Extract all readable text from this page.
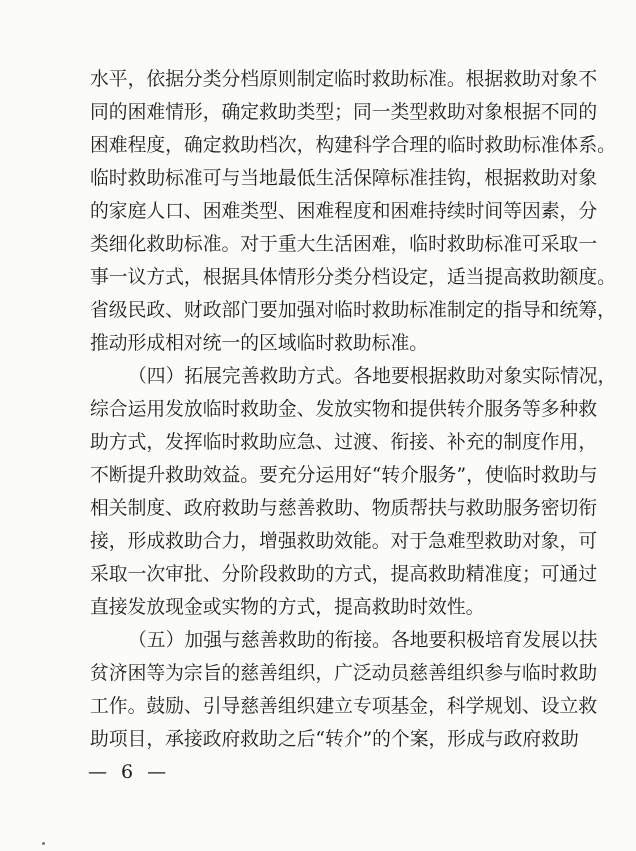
水 平 ， 依 据 分 类 分 档 原 则 制 定 临 时 救 助 标 准 。 根 据 救 助 对 象 不
同 的 困 难 情 形 ， 确 定 救 助 类 型 ； 同 一 类 型 救 助 对 象 根 据 不 同 的
困 难 程 度 ， 确 定 救 助 档 次 ， 构 建 科 学 合 理 的 临 时 救 助 标 准 体 系 。
临 时 救 助 标 准 可 与 当 地 最 低 生 活 保 障 标 准 挂 钩 ， 根 据 救 助 对 象
的 家 庭 人 口 、 困 难 类 型 、 困 难 程 度 和 困 难 持 续 时 间 等 因 素 ， 分
类 细 化 救 助 标 准 。 对 于 重 大 生 活 困 难 ， 临 时 救 助 标 准 可 采 取 一
事 一 议 方 式 ， 根 据 具 体 情 形 分 类 分 档 设 定 ， 适 当 提 高 救 助 额 度 。
省 级 民 政 、 财 政 部 门 要 加 强 对 临 时 救 助 标 准 制 定 的 指 导 和 统 筹 ，
推动形成相对统一的区域临时救助标准。
（ 四 ） 拓 展 完 善 救 助 方 式 。 各 地 要 根 据 救 助 对 象 实 际 情 况 ，
综 合 运 用 发 放 临 时 救 助 金 、 发 放 实 物 和 提 供 转 介 服 务 等 多 种 救
助 方 式 ， 发 挥 临 时 救 助 应 急 、 过 渡 、 衔 接 、 补 充 的 制 度 作 用 ，
不 断 提 升 救 助 效 益 。 要 充 分 运 用 好 “ 转 介 服 务 ” ， 使 临 时 救 助 与
相 关 制 度 、 政 府 救 助 与 慈 善 救 助 、 物 质 帮 扶 与 救 助 服 务 密 切 衔
接 ， 形 成 救 助 合 力 ， 增 强 救 助 效 能 。 对 于 急 难 型 救 助 对 象 ， 可
采 取 一 次 审 批 、 分 阶 段 救 助 的 方 式 ， 提 高 救 助 精 准 度 ； 可 通 过
直接发放现金或实物的方式，提高救助时效性。
（ 五 ） 加 强 与 慈 善 救 助 的 衔 接 。 各 地 要 积 极 培 育 发 展 以 扶
贫 济 困 等 为 宗 旨 的 慈 善 组 织 ， 广 泛 动 员 慈 善 组 织 参 与 临 时 救 助
工 作 。 鼓 励 、 引 导 慈 善 组 织 建 立 专 项 基 金 ， 科 学 规 划 、 设 立 救
助 项 目 ， 承 接 政 府 救 助 之 后 “ 转 介 ” 的 个 案 ， 形 成 与 政 府 救 助
— 6 —
